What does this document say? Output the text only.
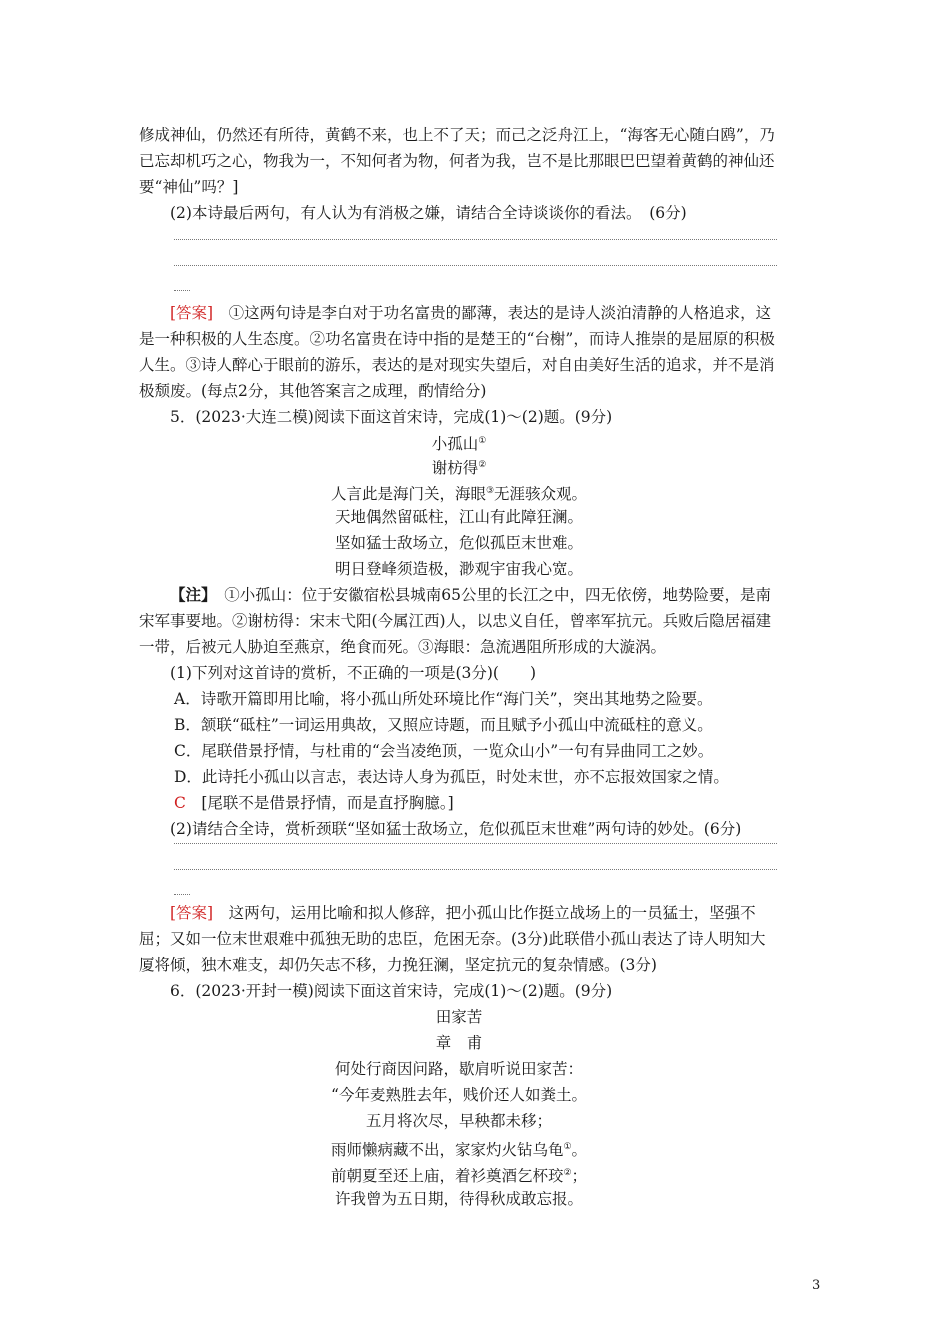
修成神仙，仍然还有所待，黄鹤不来，也上不了天；而己之泛舟江上，“海客无心随白鸥”，乃已忘却机巧之心，物我为一，不知何者为物，何者为我，岂不是比那眼巴巴望着黄鹤的神仙还要“神仙”吗？]

(2)本诗最后两句，有人认为有消极之嫌，请结合全诗谈谈你的看法。　(6分)

[答案]　①这两句诗是李白对于功名富贵的鄙薄，表达的是诗人淡泊清静的人格追求，这是一种积极的人生态度。②功名富贵在诗中指的是楚王的“台榭”，而诗人推崇的是屈原的积极人生。③诗人醉心于眼前的游乐，表达的是对现实失望后，对自由美好生活的追求，并不是消极颓废。(每点2分，其他答案言之成理，酌情给分)

5．(2023·大连二模)阅读下面这首宋诗，完成(1)～(2)题。(9分)

小孤山①

谢枋得②

人言此是海门关，海眼③无涯骇众观。

天地偶然留砥柱，江山有此障狂澜。

坚如猛士敌场立，危似孤臣末世难。

明日登峰须造极，渺观宇宙我心宽。

【注】　①小孤山：位于安徽宿松县城南65公里的长江之中，四无依傍，地势险要，是南宋军事要地。②谢枋得：宋末弋阳(今属江西)人，以忠义自任，曾率军抗元。兵败后隐居福建一带，后被元人胁迫至燕京，绝食而死。③海眼：急流遇阻所形成的大漩涡。

(1)下列对这首诗的赏析，不正确的一项是(3分)(　　)

A．诗歌开篇即用比喻，将小孤山所处环境比作“海门关”，突出其地势之险要。

B．颔联“砥柱”一词运用典故，又照应诗题，而且赋予小孤山中流砥柱的意义。

C．尾联借景抒情，与杜甫的“会当凌绝顶，一览众山小”一句有异曲同工之妙。

D．此诗托小孤山以言志，表达诗人身为孤臣，时处末世，亦不忘报效国家之情。

C　[尾联不是借景抒情，而是直抒胸臆。]

(2)请结合全诗，赏析颈联“坚如猛士敌场立，危似孤臣末世难”两句诗的妙处。(6分)

[答案]　这两句，运用比喻和拟人修辞，把小孤山比作挺立战场上的一员猛士，坚强不屈；又如一位末世艰难中孤独无助的忠臣，危困无奈。(3分)此联借小孤山表达了诗人明知大厦将倾，独木难支，却仍矢志不移，力挽狂澜，坚定抗元的复杂情感。(3分)

6．(2023·开封一模)阅读下面这首宋诗，完成(1)～(2)题。(9分)

田家苦

章　甫

何处行商因问路，歇肩听说田家苦：

“今年麦熟胜去年，贱价还人如粪土。

五月将次尽，早秧都未移；

雨师懒病藏不出，家家灼火钻乌龟①。

前朝夏至还上庙，着衫奠酒乞杯珓②；

许我曾为五日期，待得秋成敢忘报。

3
